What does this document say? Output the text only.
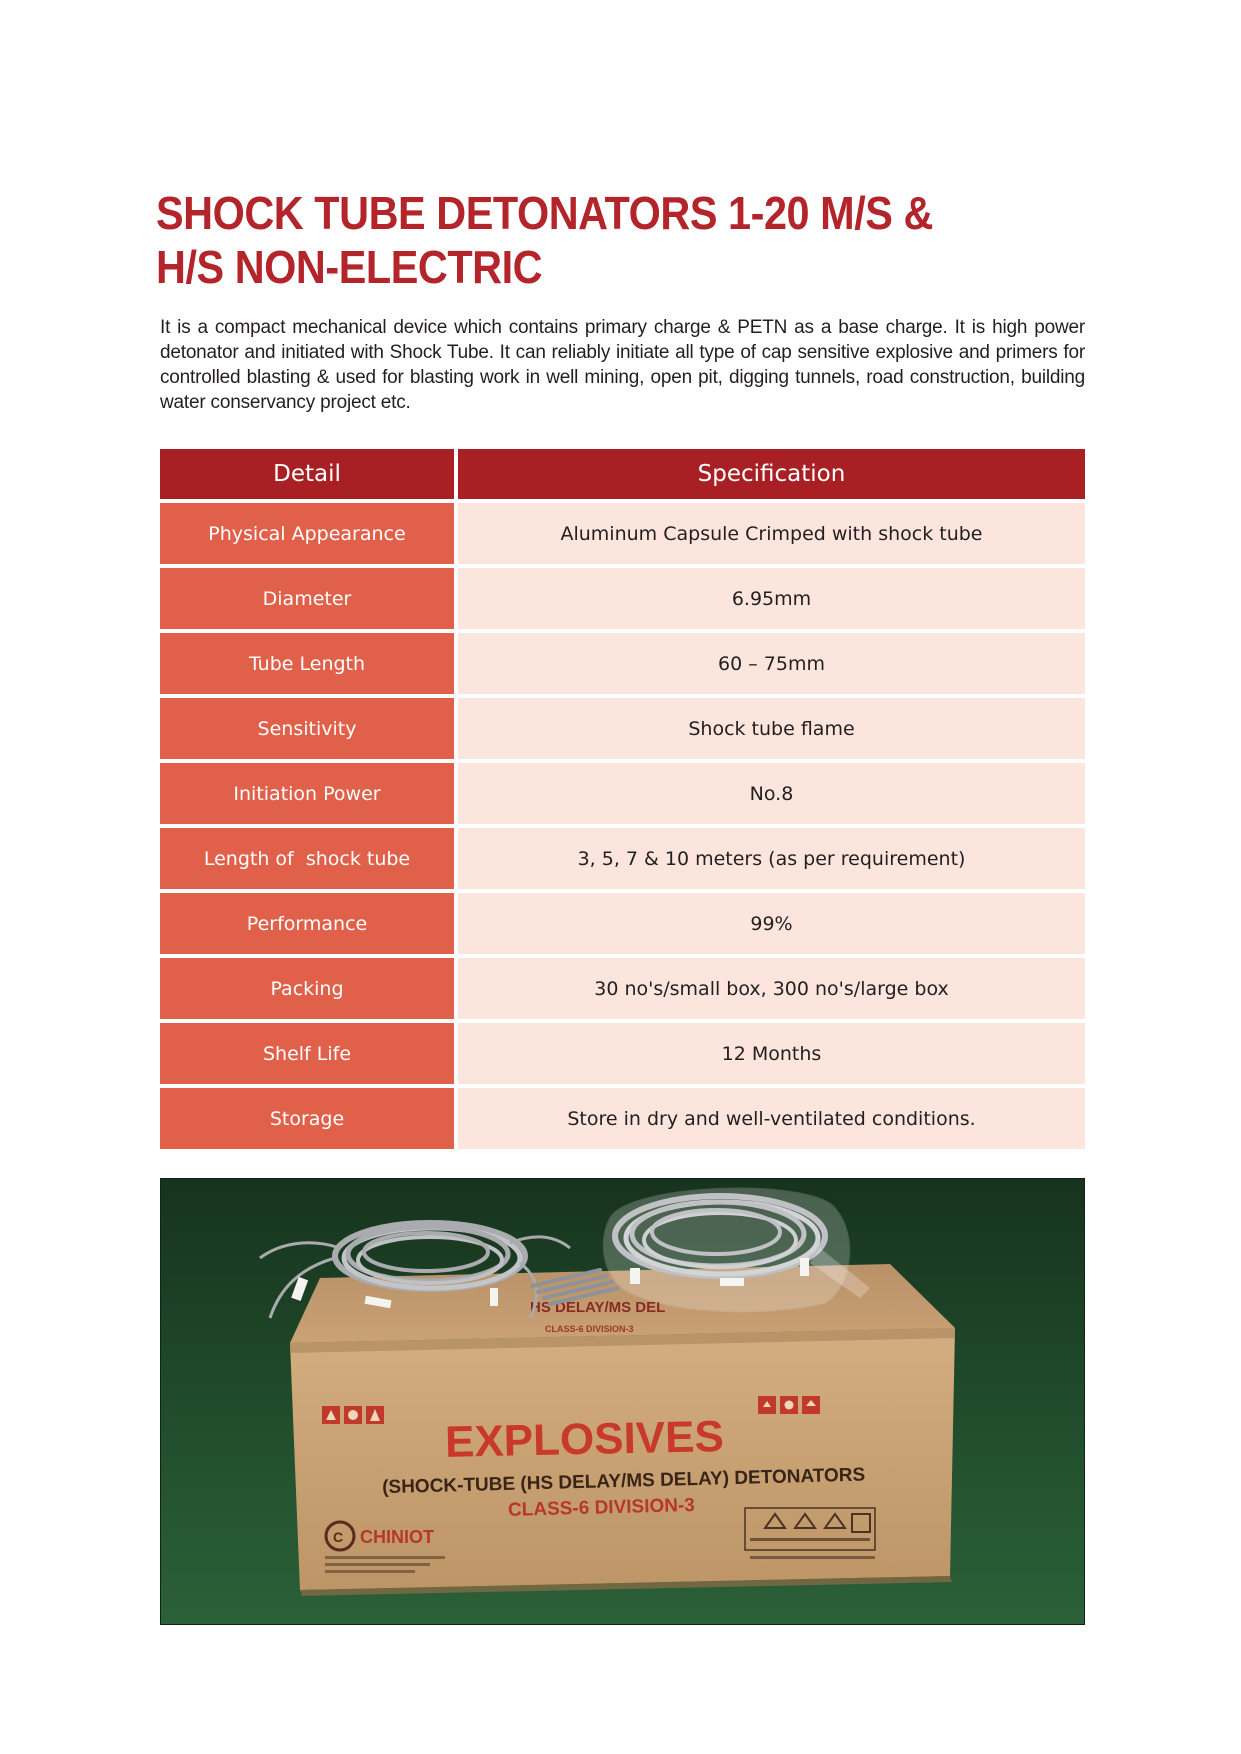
SHOCK TUBE DETONATORS 1-20 M/S &
H/S NON-ELECTRIC

It is a compact mechanical device which contains primary charge & PETN as a base charge. It is high power detonator and initiated with Shock Tube. It can reliably initiate all type of cap sensitive explosive and primers for controlled blasting & used for blasting work in well mining, open pit, digging tunnels, road construction, building water conservancy project etc.

Detail	Specification
Physical Appearance	Aluminum Capsule Crimped with shock tube
Diameter	6.95mm
Tube Length	60 – 75mm
Sensitivity	Shock tube flame
Initiation Power	No.8
Length of  shock tube	3, 5, 7 & 10 meters (as per requirement)
Performance	99%
Packing	30 no's/small box, 300 no's/large box
Shelf Life	12 Months
Storage	Store in dry and well-ventilated conditions.
HS DELAY/MS DEL
CLASS-6 DIVISION-3
EXPLOSIVES
(SHOCK-TUBE (HS DELAY/MS DELAY) DETONATORS
CLASS-6 DIVISION-3
C CHINIOT
